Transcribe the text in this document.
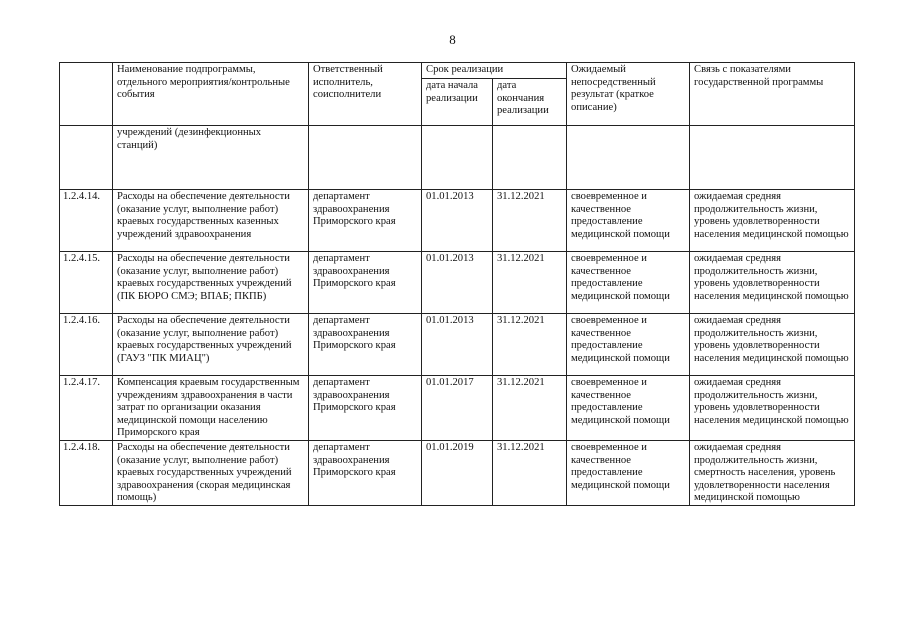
8
	Наименование подпрограммы, отдельного мероприятия/контрольные события	Ответственный исполнитель, соисполнители	Срок реализации		Ожидаемый непосредственный результат (краткое описание)	Связь с показателями государственной программы
			дата начала реализации	дата окончания реализации		
	учреждений (дезинфекционных станций)					
1.2.4.14.	Расходы на обеспечение деятельности (оказание услуг, выполнение работ) краевых государственных казенных учреждений здравоохранения	департамент здравоохранения Приморского края	01.01.2013	31.12.2021	своевременное и качественное предоставление медицинской помощи	ожидаемая средняя продолжительность жизни, уровень удовлетворенности населения медицинской помощью
1.2.4.15.	Расходы на обеспечение деятельности (оказание услуг, выполнение работ) краевых государственных учреждений (ПК БЮРО СМЭ; ВПАБ; ПКПБ)	департамент здравоохранения Приморского края	01.01.2013	31.12.2021	своевременное и качественное предоставление медицинской помощи	ожидаемая средняя продолжительность жизни, уровень удовлетворенности населения медицинской помощью
1.2.4.16.	Расходы на обеспечение деятельности (оказание услуг, выполнение работ) краевых государственных учреждений (ГАУЗ "ПК МИАЦ")	департамент здравоохранения Приморского края	01.01.2013	31.12.2021	своевременное и качественное предоставление медицинской помощи	ожидаемая средняя продолжительность жизни, уровень удовлетворенности населения медицинской помощью
1.2.4.17.	Компенсация краевым государственным учреждениям здравоохранения в части затрат по организации оказания медицинской помощи населению Приморского края	департамент здравоохранения Приморского края	01.01.2017	31.12.2021	своевременное и качественное предоставление медицинской помощи	ожидаемая средняя продолжительность жизни, уровень удовлетворенности населения медицинской помощью
1.2.4.18.	Расходы на обеспечение деятельности (оказание услуг, выполнение работ) краевых государственных учреждений здравоохранения (скорая медицинская помощь)	департамент здравоохранения Приморского края	01.01.2019	31.12.2021	своевременное и качественное предоставление медицинской помощи	ожидаемая средняя продолжительность жизни, смертность населения, уровень удовлетворенности населения медицинской помощью
